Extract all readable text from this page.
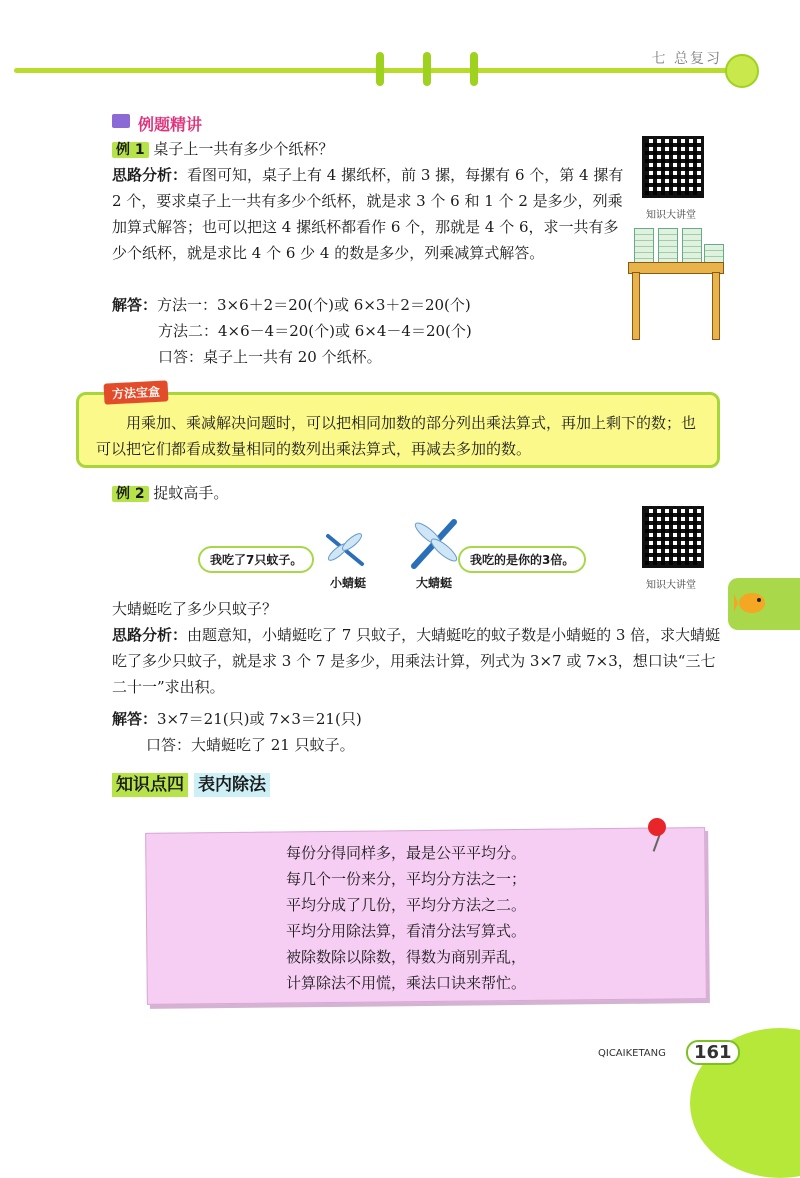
七 总复习
例题精讲
例 1 桌子上一共有多少个纸杯？
思路分析：看图可知，桌子上有 4 摞纸杯，前 3 摞，每摞有 6 个，第 4 摞有 2 个，要求桌子上一共有多少个纸杯，就是求 3 个 6 和 1 个 2 是多少，列乘加算式解答；也可以把这 4 摞纸杯都看作 6 个，那就是 4 个 6，求一共有多少个纸杯，就是求比 4 个 6 少 4 的数是多少，列乘减算式解答。
解答：方法一：3×6＋2＝20(个)或 6×3＋2＝20(个)
方法二：4×6－4＝20(个)或 6×4－4＝20(个)
口答：桌子上一共有 20 个纸杯。
知识大讲堂
方法宝盒
用乘加、乘减解决问题时，可以把相同加数的部分列出乘法算式，再加上剩下的数；也可以把它们都看成数量相同的数列出乘法算式，再减去多加的数。
例 2 捉蚊高手。
知识大讲堂
我吃了7只蚊子。	我吃的是你的3倍。
小蜻蜓	大蜻蜓
大蜻蜓吃了多少只蚊子？
思路分析：由题意知，小蜻蜓吃了 7 只蚊子，大蜻蜓吃的蚊子数是小蜻蜓的 3 倍，求大蜻蜓吃了多少只蚊子，就是求 3 个 7 是多少，用乘法计算，列式为 3×7 或 7×3，想口诀“三七二十一”求出积。
解答：3×7＝21(只)或 7×3＝21(只)
口答：大蜻蜓吃了 21 只蚊子。
知识点四 表内除法
每份分得同样多，最是公平平均分。
每几个一份来分，平均分方法之一；
平均分成了几份，平均分方法之二。
平均分用除法算，看清分法写算式。
被除数除以除数，得数为商别弄乱，
计算除法不用慌，乘法口诀来帮忙。
QICAIKETANG	161
